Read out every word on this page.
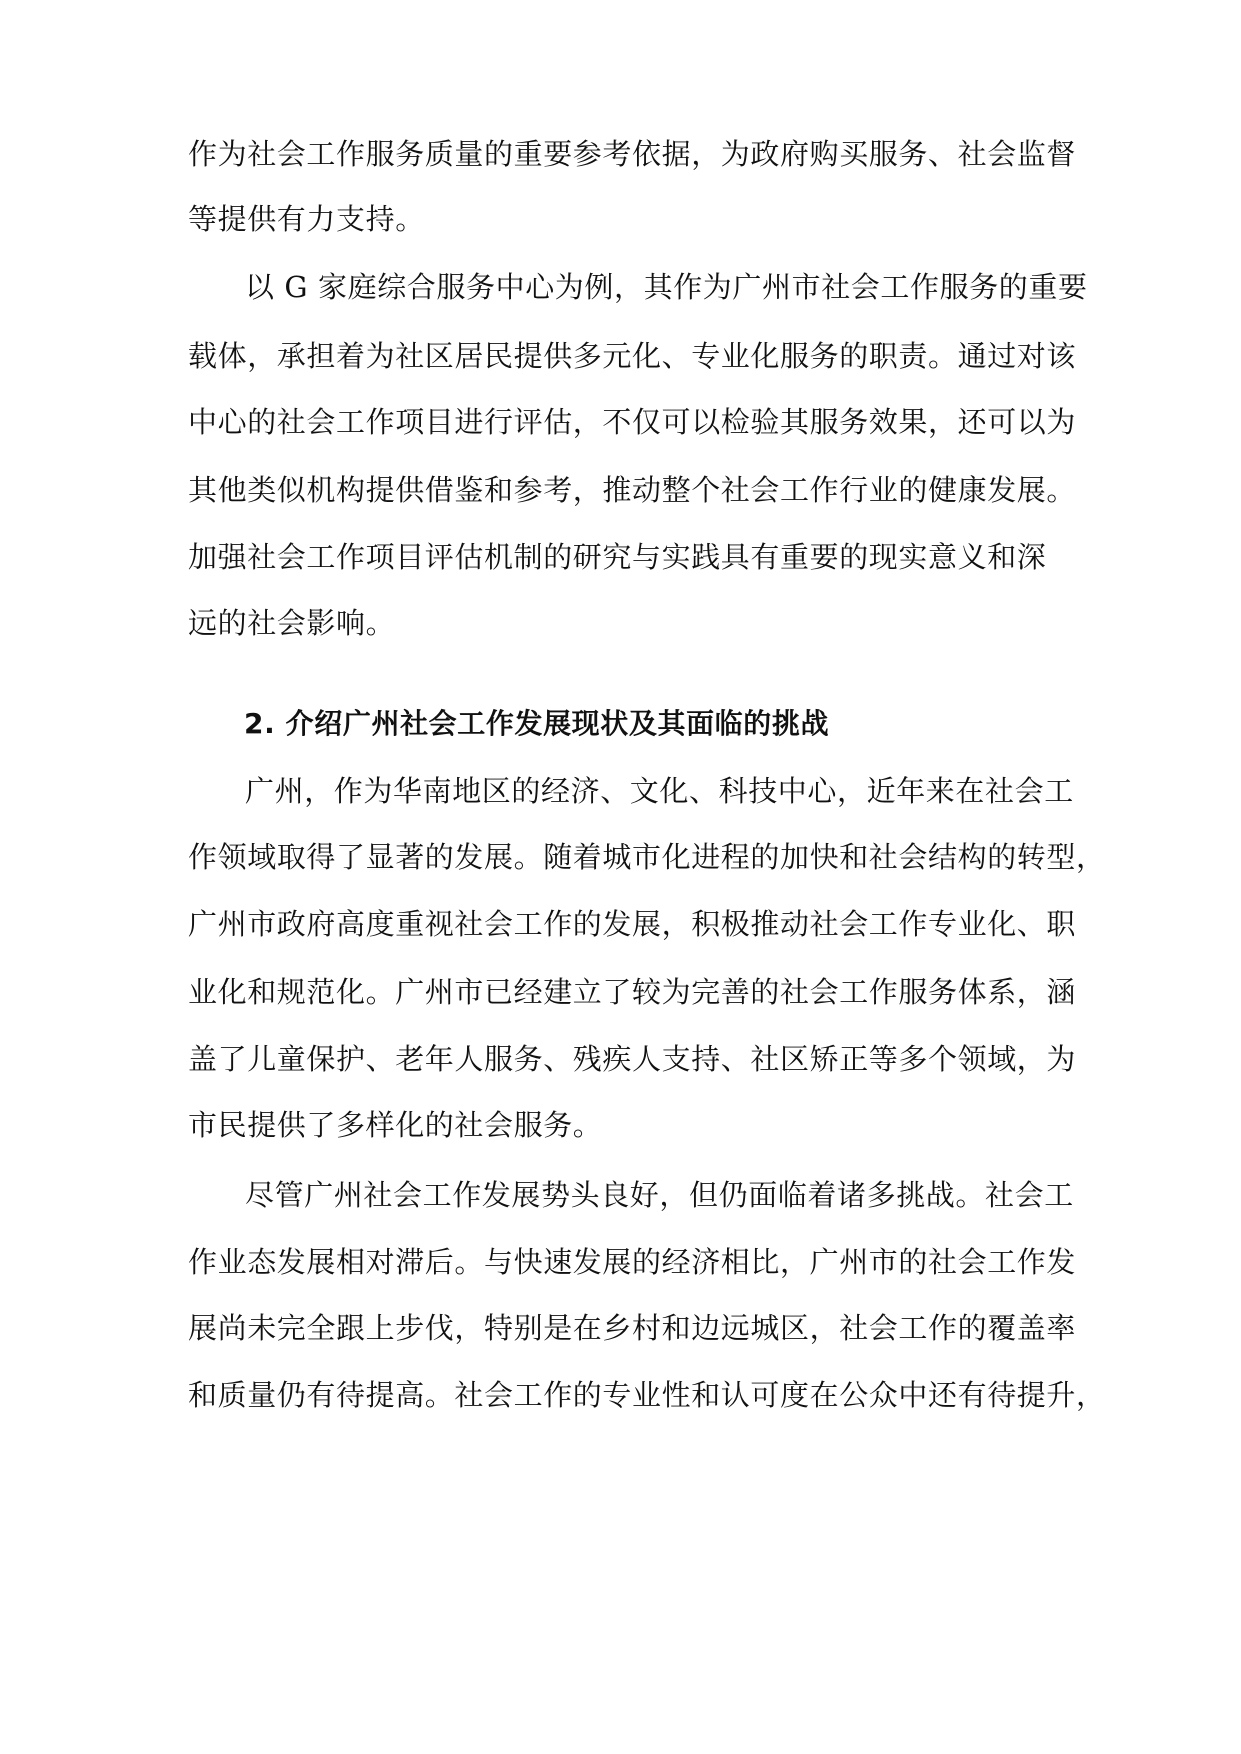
作为社会工作服务质量的重要参考依据，为政府购买服务、社会监督
等提供有力支持。
以 G 家庭综合服务中心为例，其作为广州市社会工作服务的重要
载体，承担着为社区居民提供多元化、专业化服务的职责。通过对该
中心的社会工作项目进行评估，不仅可以检验其服务效果，还可以为
其他类似机构提供借鉴和参考，推动整个社会工作行业的健康发展。
加强社会工作项目评估机制的研究与实践具有重要的现实意义和深
远的社会影响。
2. 介绍广州社会工作发展现状及其面临的挑战
广州，作为华南地区的经济、文化、科技中心，近年来在社会工
作领域取得了显著的发展。随着城市化进程的加快和社会结构的转型，
广州市政府高度重视社会工作的发展，积极推动社会工作专业化、职
业化和规范化。广州市已经建立了较为完善的社会工作服务体系，涵
盖了儿童保护、老年人服务、残疾人支持、社区矫正等多个领域，为
市民提供了多样化的社会服务。
尽管广州社会工作发展势头良好，但仍面临着诸多挑战。社会工
作业态发展相对滞后。与快速发展的经济相比，广州市的社会工作发
展尚未完全跟上步伐，特别是在乡村和边远城区，社会工作的覆盖率
和质量仍有待提高。社会工作的专业性和认可度在公众中还有待提升，
